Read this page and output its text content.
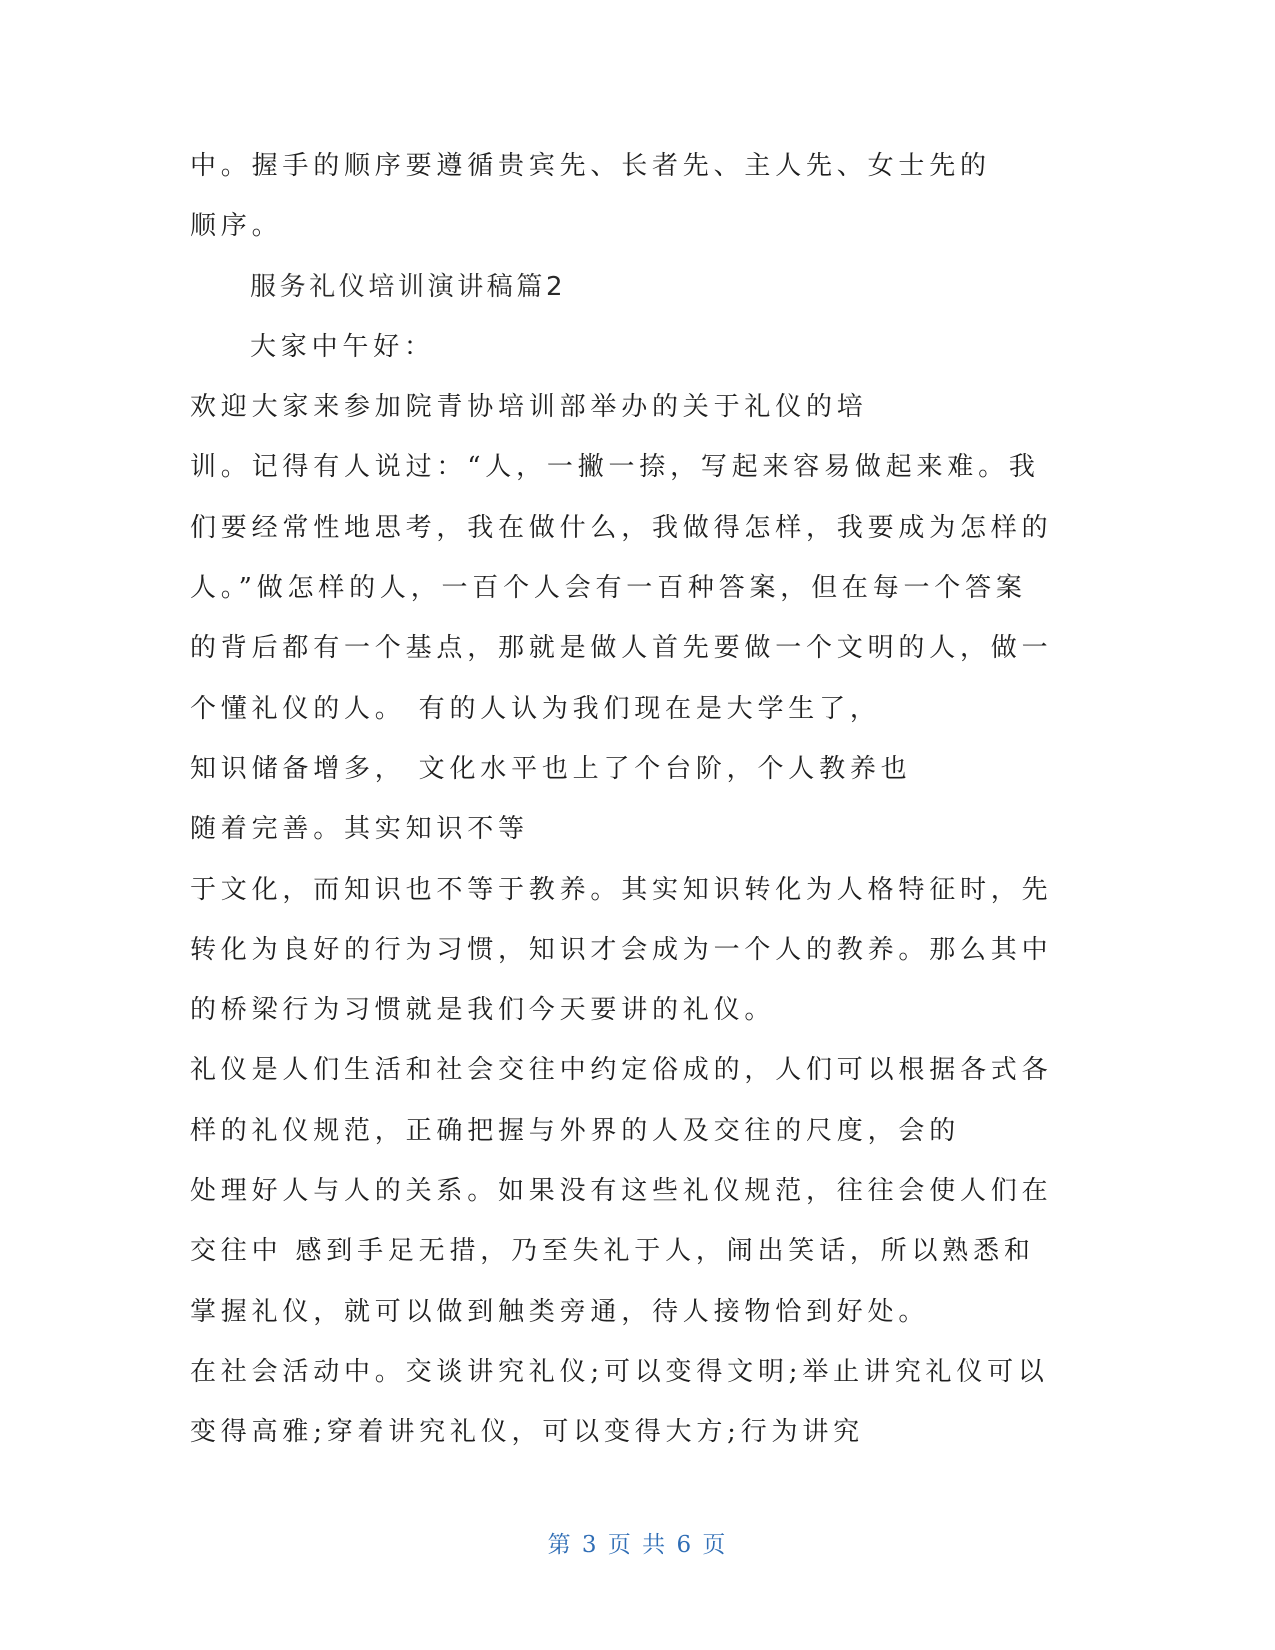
中。握手的顺序要遵循贵宾先、长者先、主人先、女士先的
顺序。
服务礼仪培训演讲稿篇2
大家中午好：
欢迎大家来参加院青协培训部举办的关于礼仪的培
训。记得有人说过：“人，一撇一捺，写起来容易做起来难。我
们要经常性地思考，我在做什么，我做得怎样，我要成为怎样的
人。”做怎样的人，一百个人会有一百种答案，但在每一个答案
的背后都有一个基点，那就是做人首先要做一个文明的人，做一
个懂礼仪的人。 有的人认为我们现在是大学生了，
知识储备增多， 文化水平也上了个台阶，个人教养也
随着完善。其实知识不等
于文化，而知识也不等于教养。其实知识转化为人格特征时，先
转化为良好的行为习惯，知识才会成为一个人的教养。那么其中
的桥梁行为习惯就是我们今天要讲的礼仪。
礼仪是人们生活和社会交往中约定俗成的，人们可以根据各式各
样的礼仪规范，正确把握与外界的人及交往的尺度，会的
处理好人与人的关系。如果没有这些礼仪规范，往往会使人们在
交往中 感到手足无措，乃至失礼于人，闹出笑话，所以熟悉和
掌握礼仪，就可以做到触类旁通，待人接物恰到好处。
在社会活动中。交谈讲究礼仪;可以变得文明;举止讲究礼仪可以
变得高雅;穿着讲究礼仪，可以变得大方;行为讲究
第 3 页 共 6 页
